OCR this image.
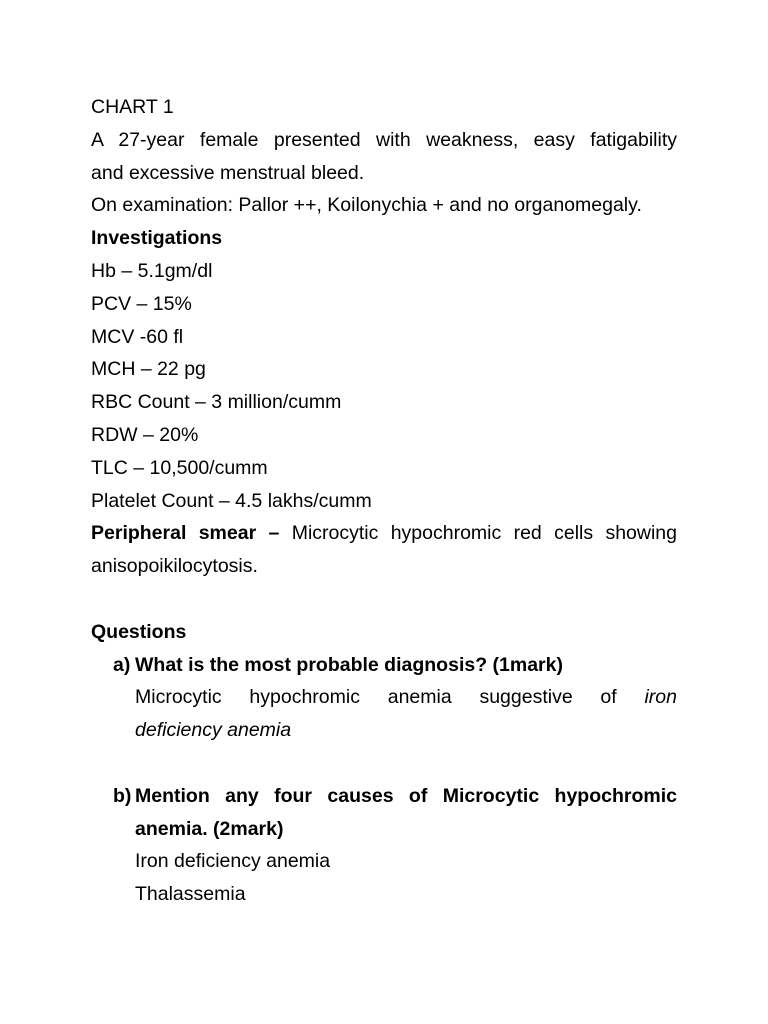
CHART 1

A 27-year female presented with weakness, easy fatigability

and excessive menstrual bleed.

On examination: Pallor ++, Koilonychia + and no organomegaly.

Investigations

Hb – 5.1gm/dl

PCV – 15%

MCV -60 fl

MCH – 22 pg

RBC Count – 3 million/cumm

RDW – 20%

TLC – 10,500/cumm

Platelet Count – 4.5 lakhs/cumm

Peripheral smear – Microcytic hypochromic red cells showing

anisopoikilocytosis.

Questions

a) What is the most probable diagnosis? (1mark)

Microcytic hypochromic anemia suggestive of iron

deficiency anemia

b) Mention any four causes of Microcytic hypochromic

anemia. (2mark)

Iron deficiency anemia

Thalassemia
